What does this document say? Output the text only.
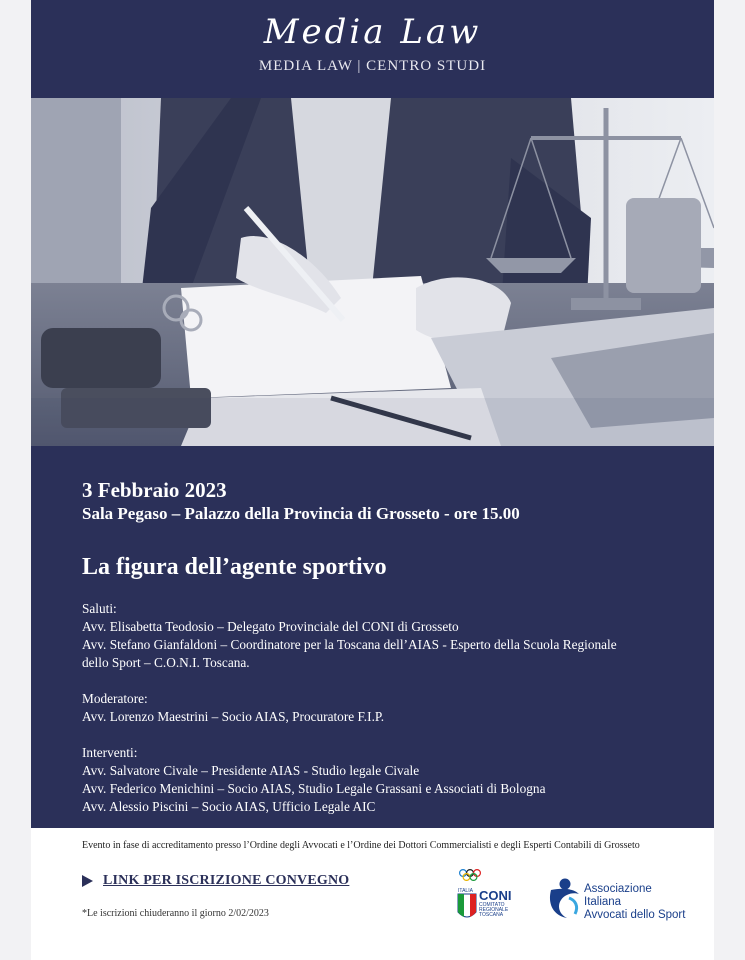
Media Law
MEDIA LAW | CENTRO STUDI
3 Febbraio 2023
Sala Pegaso – Palazzo della Provincia di Grosseto - ore 15.00
La figura dell’agente sportivo
Saluti:
Avv. Elisabetta Teodosio – Delegato Provinciale del CONI di Grosseto
Avv. Stefano Gianfaldoni – Coordinatore per la Toscana dell’AIAS - Esperto della Scuola Regionale
dello Sport – C.O.N.I. Toscana.
Moderatore:
Avv. Lorenzo Maestrini – Socio AIAS, Procuratore F.I.P.
Interventi:
Avv. Salvatore Civale – Presidente AIAS - Studio legale Civale
Avv. Federico Menichini – Socio AIAS, Studio Legale Grassani e Associati di Bologna
Avv. Alessio Piscini – Socio AIAS, Ufficio Legale AIC
Evento in fase di accreditamento presso l’Ordine degli Avvocati e l’Ordine dei Dottori Commercialisti e degli Esperti Contabili di Grosseto
LINK PER ISCRIZIONE CONVEGNO
*Le iscrizioni chiuderanno il giorno 2/02/2023
ITALIA CONI
COMITATO REGIONALE TOSCANA
Associazione
Italiana
Avvocati dello Sport
